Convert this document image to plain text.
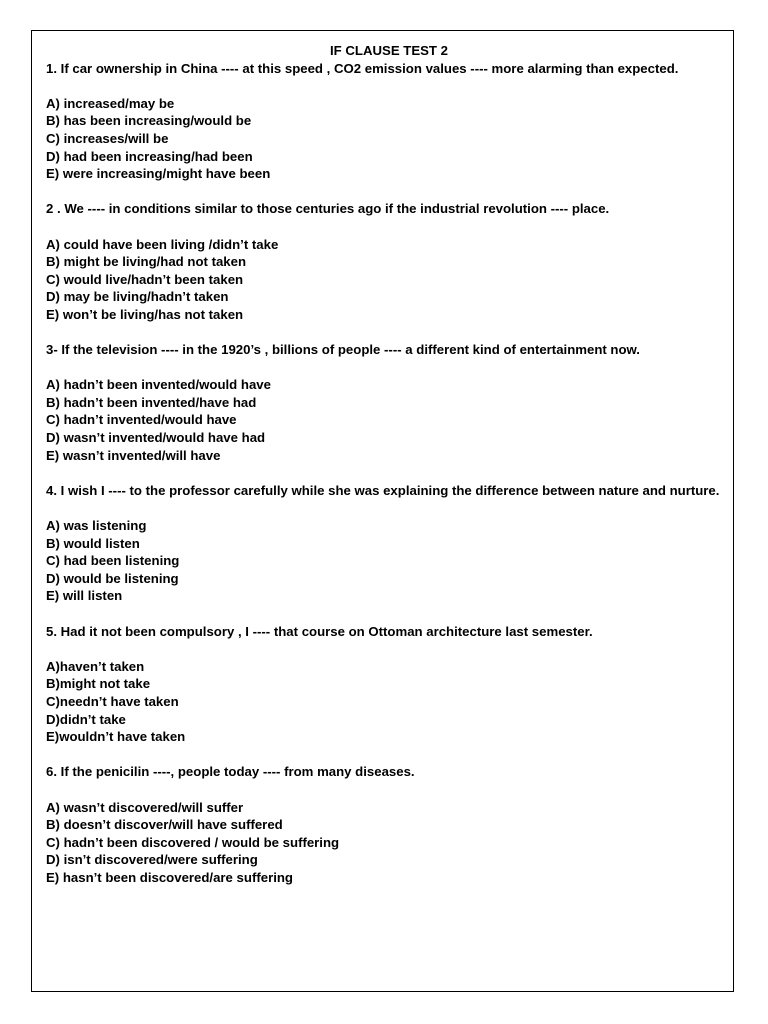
IF CLAUSE TEST 2

1. If car ownership in China ---- at this speed , CO2 emission values ---- more alarming than expected.

A) increased/may be
B) has been increasing/would be
C) increases/will be
D) had been increasing/had been
E) were increasing/might have been

2 . We ---- in conditions similar to those centuries ago if the industrial revolution ---- place.

A) could have been living /didn’t take
B) might be living/had not taken
C) would live/hadn’t been taken
D) may be living/hadn’t taken
E) won’t be living/has not taken

3- If the television ---- in the 1920’s , billions of people ---- a different kind of entertainment now.

A) hadn’t been invented/would have
B) hadn’t been invented/have had
C) hadn’t invented/would have
D) wasn’t invented/would have had
E) wasn’t invented/will have

4. I wish I ---- to the professor carefully while she was explaining the difference between nature and nurture.

A) was listening
B) would listen
C) had been listening
D) would be listening
E) will listen

5. Had it not been compulsory , I ---- that course on Ottoman architecture last semester.

A)haven’t taken
B)might not take
C)needn’t have taken
D)didn’t take
E)wouldn’t have taken

6. If the penicilin ----, people today ---- from many diseases.

A) wasn’t discovered/will suffer
B) doesn’t discover/will have suffered
C) hadn’t been discovered / would be suffering
D) isn’t discovered/were suffering
E) hasn’t been discovered/are suffering
